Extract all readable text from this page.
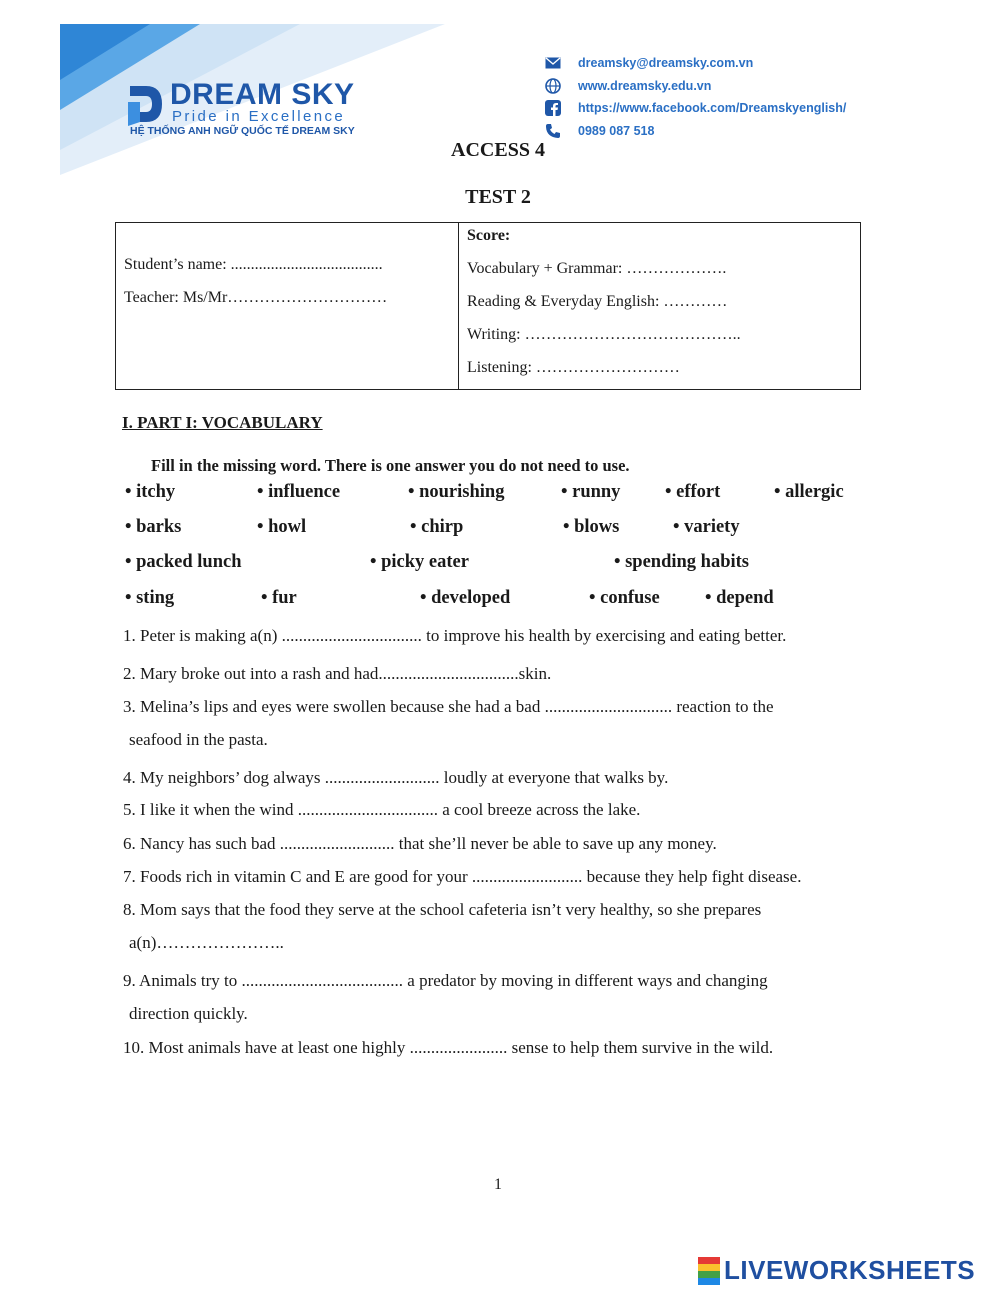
DREAM SKY
Pride in Excellence
HỆ THỐNG ANH NGỮ QUỐC TẾ DREAM SKY
dreamsky@dreamsky.com.vn
www.dreamsky.edu.vn
https://www.facebook.com/Dreamskyenglish/
0989 087 518
ACCESS 4
TEST 2
Student’s name: ......................................
Teacher: Ms/Mr…………………………
Score:
Vocabulary + Grammar: ……………….
Reading & Everyday English: …………
Writing: …………………………………..
Listening: ………………………
I. PART I: VOCABULARY
Fill in the missing word. There is one answer you do not need to use.
• itchy	• influence	• nourishing	• runny • effort	• allergic
• barks	• howl	• chirp	• blows	• variety
• packed lunch	• picky eater	• spending habits
• sting	• fur	• developed	• confuse • depend
1. Peter is making a(n) ................................. to improve his health by exercising and eating better.
2. Mary broke out into a rash and had.................................skin.
3. Melina’s lips and eyes were swollen because she had a bad .............................. reaction to the
seafood in the pasta.
4. My neighbors’ dog always ........................... loudly at everyone that walks by.
5. I like it when the wind ................................. a cool breeze across the lake.
6. Nancy has such bad ........................... that she’ll never be able to save up any money.
7. Foods rich in vitamin C and E are good for your .......................... because they help fight disease.
8. Mom says that the food they serve at the school cafeteria isn’t very healthy, so she prepares
a(n)…………………..
9. Animals try to ...................................... a predator by moving in different ways and changing
direction quickly.
10. Most animals have at least one highly ....................... sense to help them survive in the wild.
1
LIVEWORKSHEETS
